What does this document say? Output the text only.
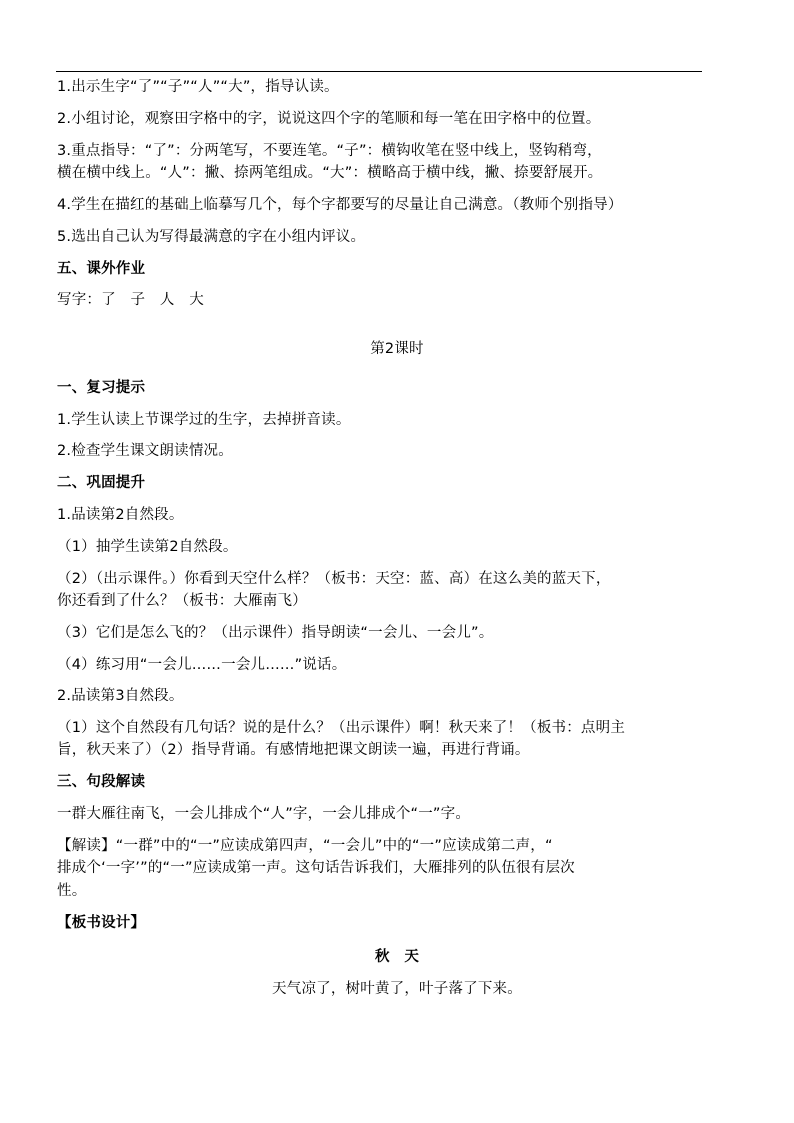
1.出示生字“了”“子”“人”“大”，指导认读。
2.小组讨论，观察田字格中的字，说说这四个字的笔顺和每一笔在田字格中的位置。
3.重点指导：“了”：分两笔写，不要连笔。“子”：横钩收笔在竖中线上，竖钩稍弯，
横在横中线上。“人”：撇、捺两笔组成。“大”：横略高于横中线，撇、捺要舒展开。
4.学生在描红的基础上临摹写几个，每个字都要写的尽量让自己满意。（教师个别指导）
5.选出自己认为写得最满意的字在小组内评议。
五、课外作业
写字：了　子　人　大
第2课时
一、复习提示
1.学生认读上节课学过的生字，去掉拼音读。
2.检查学生课文朗读情况。
二、巩固提升
1.品读第2自然段。
（1）抽学生读第2自然段。
（2）（出示课件。）你看到天空什么样？（板书：天空：蓝、高）在这么美的蓝天下，
你还看到了什么？（板书：大雁南飞）
（3）它们是怎么飞的？（出示课件）指导朗读“一会儿、一会儿”。
（4）练习用“一会儿……一会儿……”说话。
2.品读第3自然段。
（1）这个自然段有几句话？说的是什么？（出示课件）啊！秋天来了！（板书：点明主
旨，秋天来了）（2）指导背诵。有感情地把课文朗读一遍，再进行背诵。
三、句段解读
一群大雁往南飞，一会儿排成个“人”字，一会儿排成个“一”字。
【解读】“一群”中的“一”应读成第四声，“一会儿”中的“一”应读成第二声，“
排成个‘一字’”的“一”应读成第一声。这句话告诉我们，大雁排列的队伍很有层次
性。
【板书设计】
秋　天
天气凉了，树叶黄了，叶子落了下来。
